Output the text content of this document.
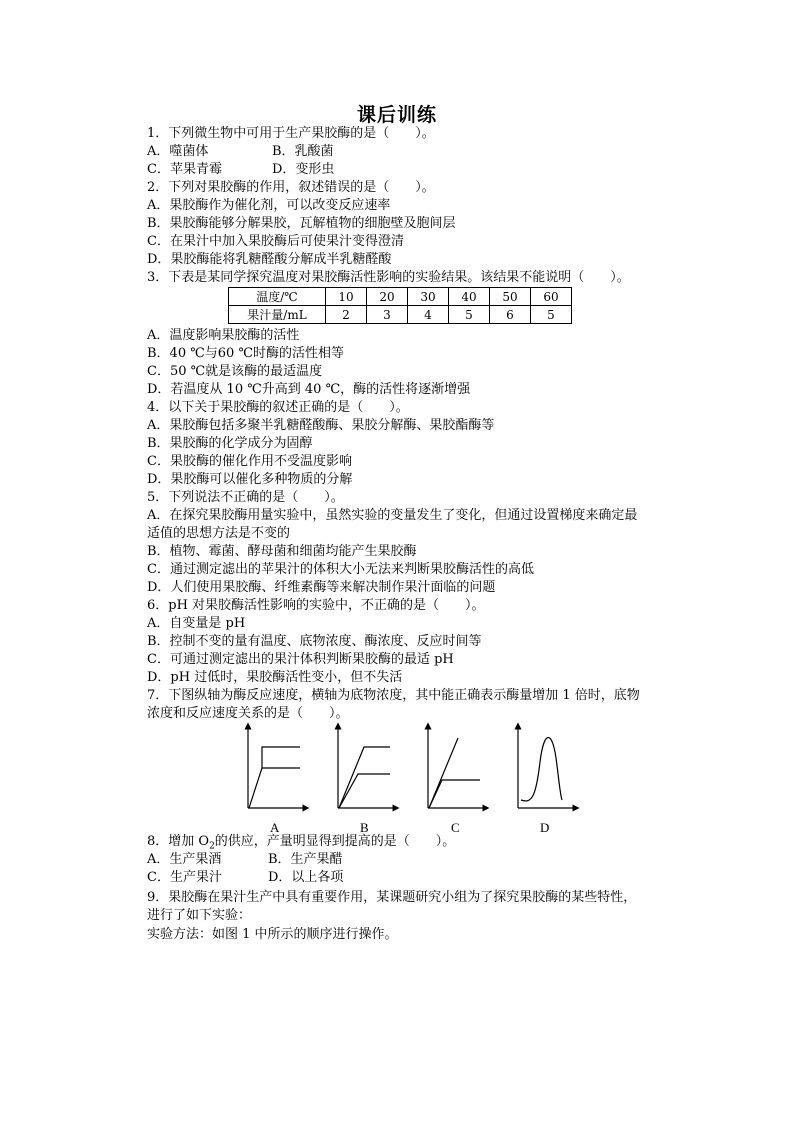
课后训练
1．下列微生物中可用于生产果胶酶的是（　　）。
A．噬菌体	B．乳酸菌
C．苹果青霉	D．变形虫
2．下列对果胶酶的作用，叙述错误的是（　　）。
A．果胶酶作为催化剂，可以改变反应速率
B．果胶酶能够分解果胶，瓦解植物的细胞壁及胞间层
C．在果汁中加入果胶酶后可使果汁变得澄清
D．果胶酶能将乳糖醛酸分解成半乳糖醛酸
3．下表是某同学探究温度对果胶酶活性影响的实验结果。该结果不能说明（　　）。
温度/℃	10	20	30	40	50	60
果汁量/mL	2	3	4	5	6	5
A．温度影响果胶酶的活性
B．40 ℃与60 ℃时酶的活性相等
C．50 ℃就是该酶的最适温度
D．若温度从 10 ℃升高到 40 ℃，酶的活性将逐渐增强
4．以下关于果胶酶的叙述正确的是（　　）。
A．果胶酶包括多聚半乳糖醛酸酶、果胶分解酶、果胶酯酶等
B．果胶酶的化学成分为固醇
C．果胶酶的催化作用不受温度影响
D．果胶酶可以催化多种物质的分解
5．下列说法不正确的是（　　）。
A．在探究果胶酶用量实验中，虽然实验的变量发生了变化，但通过设置梯度来确定最
适值的思想方法是不变的
B．植物、霉菌、酵母菌和细菌均能产生果胶酶
C．通过测定滤出的苹果汁的体积大小无法来判断果胶酶活性的高低
D．人们使用果胶酶、纤维素酶等来解决制作果汁面临的问题
6．pH 对果胶酶活性影响的实验中，不正确的是（　　）。
A．自变量是 pH
B．控制不变的量有温度、底物浓度、酶浓度、反应时间等
C．可通过测定滤出的果汁体积判断果胶酶的最适 pH
D．pH 过低时，果胶酶活性变小，但不失活
7．下图纵轴为酶反应速度，横轴为底物浓度，其中能正确表示酶量增加 1 倍时，底物
浓度和反应速度关系的是（　　）。
A	B	C	D
8．增加 $O_2$的供应，产量明显得到提高的是（　　）。
A．生产果酒	B．生产果醋
C．生产果汁	D．以上各项
9．果胶酶在果汁生产中具有重要作用，某课题研究小组为了探究果胶酶的某些特性，
进行了如下实验：
实验方法：如图 1 中所示的顺序进行操作。
